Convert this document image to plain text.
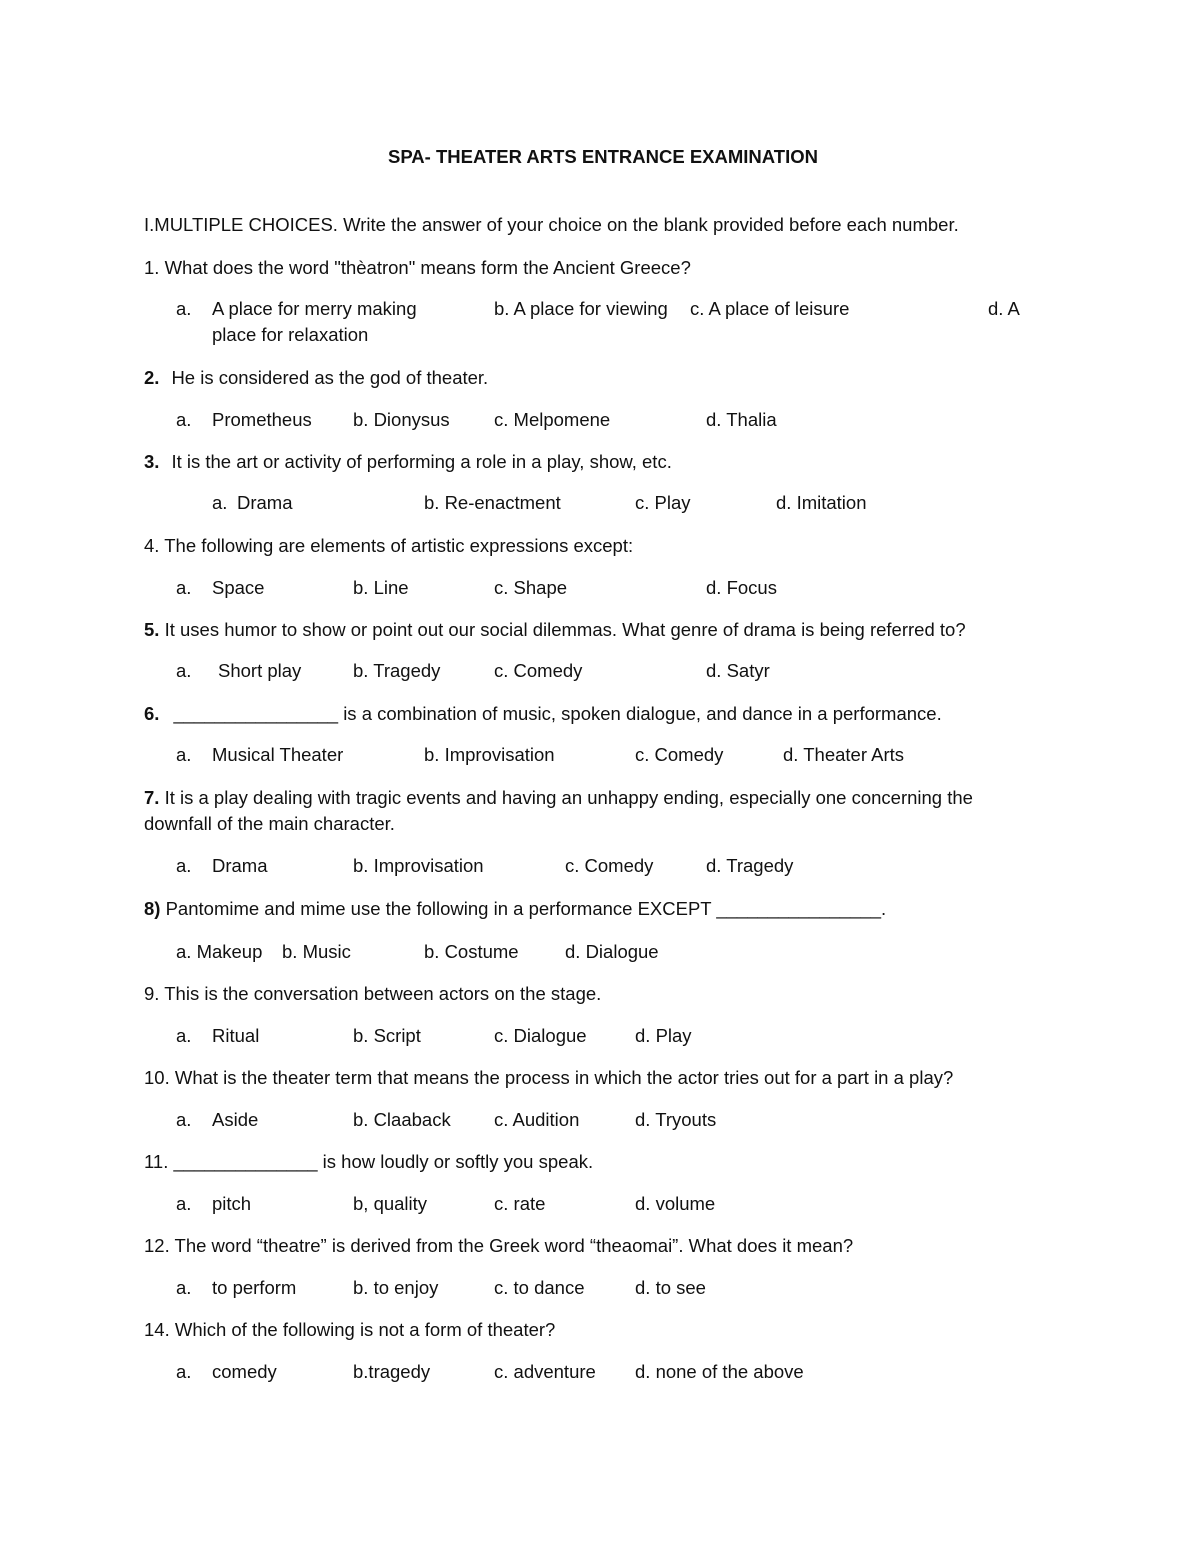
SPA- THEATER ARTS ENTRANCE EXAMINATION
I.MULTIPLE CHOICES. Write the answer of your choice on the blank provided before each number.
1. What does the word "thèatron" means form the Ancient Greece?
a. A place for merry making	b. A place for viewing c. A place of leisure	d. A
place for relaxation
2. He is considered as the god of theater.
a. Prometheus b. Dionysus c. Melpomene	d. Thalia
3. It is the art or activity of performing a role in a play, show, etc.
a. Drama	b. Re-enactment	c. Play	d. Imitation
4. The following are elements of artistic expressions except:
a. Space	b. Line	c. Shape	d. Focus
5. It uses humor to show or point out our social dilemmas. What genre of drama is being referred to?
a. Short play	b. Tragedy	c. Comedy	d. Satyr
6. ________________ is a combination of music, spoken dialogue, and dance in a performance.
a. Musical Theater	b. Improvisation	c. Comedy	d. Theater Arts
7. It is a play dealing with tragic events and having an unhappy ending, especially one concerning the
downfall of the main character.
a. Drama	b. Improvisation	c. Comedy	d. Tragedy
8) Pantomime and mime use the following in a performance EXCEPT ________________.
a. Makeup b. Music	b. Costume	d. Dialogue
9. This is the conversation between actors on the stage.
a. Ritual	b. Script	c. Dialogue	d. Play
10. What is the theater term that means the process in which the actor tries out for a part in a play?
a. Aside	b. Claaback c. Audition	d. Tryouts
11. ______________ is how loudly or softly you speak.
a. pitch	b, quality	c. rate	d. volume
12. The word “theatre” is derived from the Greek word “theaomai”. What does it mean?
a. to perform	b. to enjoy	c. to dance	d. to see
14. Which of the following is not a form of theater?
a. comedy	b.tragedy	c. adventure d. none of the above
